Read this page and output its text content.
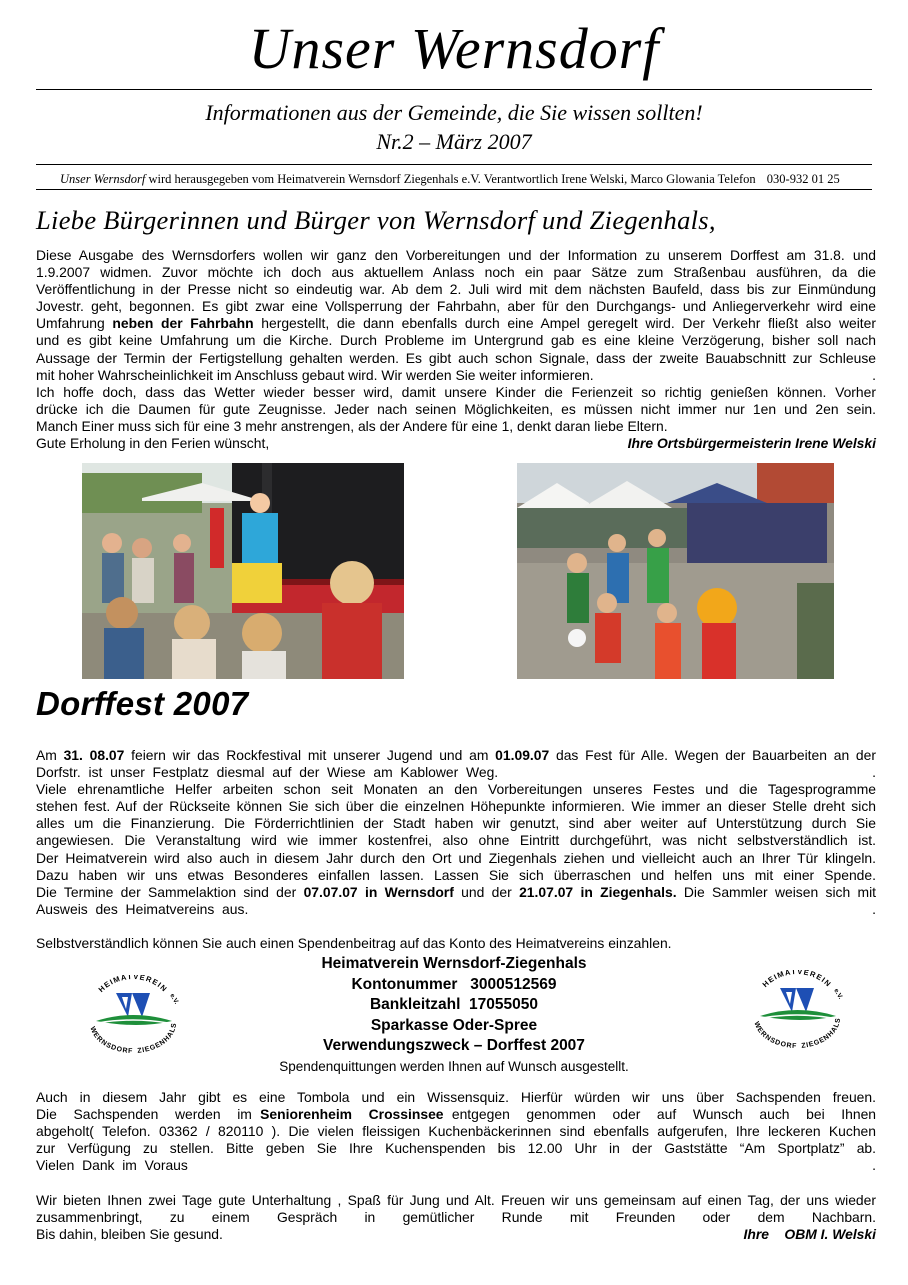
Unser Wernsdorf
Informationen aus der Gemeinde, die Sie wissen sollten!
Nr.2 – März 2007
Unser Wernsdorf wird herausgegeben vom Heimatverein Wernsdorf Ziegenhals e.V. Verantwortlich Irene Welski, Marco Glowania Telefon 030-932 01 25
Liebe Bürgerinnen und Bürger von Wernsdorf und Ziegenhals,
Diese Ausgabe des Wernsdorfers wollen wir ganz den Vorbereitungen und der Information zu unserem Dorffest am 31.8. und
1.9.2007 widmen. Zuvor möchte ich doch aus aktuellem Anlass noch ein paar Sätze zum Straßenbau ausführen, da die
Veröffentlichung in der Presse nicht so eindeutig war. Ab dem 2. Juli wird mit dem nächsten Baufeld, dass bis zur Einmündung
Jovestr. geht, begonnen. Es gibt zwar eine Vollsperrung der Fahrbahn, aber für den Durchgangs- und Anliegerverkehr wird eine
Umfahrung neben der Fahrbahn hergestellt, die dann ebenfalls durch eine Ampel geregelt wird. Der Verkehr fließt also weiter
und es gibt keine Umfahrung um die Kirche. Durch Probleme im Untergrund gab es eine kleine Verzögerung, bisher soll nach
Aussage der Termin der Fertigstellung gehalten werden. Es gibt auch schon Signale, dass der zweite Bauabschnitt zur Schleuse
mit hoher Wahrscheinlichkeit im Anschluss gebaut wird. Wir werden Sie weiter informieren.	.
Ich hoffe doch, dass das Wetter wieder besser wird, damit unsere Kinder die Ferienzeit so richtig genießen können. Vorher
drücke ich die Daumen für gute Zeugnisse. Jeder nach seinen Möglichkeiten, es müssen nicht immer nur 1en und 2en sein.
Manch Einer muss sich für eine 3 mehr anstrengen, als der Andere für eine 1, denkt daran liebe Eltern.
Gute Erholung in den Ferien wünscht,	Ihre Ortsbürgermeisterin Irene Welski
Dorffest 2007
Am 31. 08.07 feiern wir das Rockfestival mit unserer Jugend und am 01.09.07 das Fest für Alle. Wegen der Bauarbeiten an der
Dorfstr.  ist  unser  Festplatz  diesmal  auf  der  Wiese  am  Kablower  Weg.	.
Viele ehrenamtliche Helfer arbeiten schon seit Monaten an den Vorbereitungen unseres Festes und die Tagesprogramme
stehen fest. Auf der Rückseite können Sie sich über die einzelnen Höhepunkte informieren. Wie immer an dieser Stelle dreht sich
alles um die Finanzierung. Die Förderrichtlinien der Stadt haben wir genutzt, sind aber weiter auf Unterstützung durch Sie
angewiesen. Die Veranstaltung wird wie immer kostenfrei, also ohne Eintritt durchgeführt, was nicht selbstverständlich ist.
Der Heimatverein wird also auch in diesem Jahr durch den Ort und Ziegenhals ziehen und vielleicht auch an Ihrer Tür klingeln.
Dazu haben wir uns etwas Besonderes einfallen lassen. Lassen Sie sich überraschen und helfen uns mit einer Spende.
Die Termine der Sammelaktion sind der 07.07.07 in Wernsdorf und der 21.07.07 in Ziegenhals. Die Sammler weisen sich mit
Ausweis  des  Heimatvereins  aus.	.
Selbstverständlich können Sie auch einen Spendenbeitrag auf das Konto des Heimatvereins einzahlen.
Heimatverein Wernsdorf-Ziegenhals
Kontonummer   3000512569
Bankleitzahl  17055050
Sparkasse Oder-Spree
Verwendungszweck – Dorffest 2007
Spendenquittungen werden Ihnen auf Wunsch ausgestellt.
HEIMATVEREIN
WERNSDORF ZIEGENHALS
e.V.
HEIMATVEREIN
WERNSDORF ZIEGENHALS
e.V.
Auch in diesem Jahr gibt es eine Tombola und ein Wissensquiz. Hierfür würden wir uns über Sachspenden freuen.
Die  Sachspenden  werden  im Seniorenheim  Crossinsee entgegen  genommen  oder  auf  Wunsch  auch  bei  Ihnen
abgeholt( Telefon. 03362 / 820110 ). Die vielen fleissigen Kuchenbäckerinnen sind ebenfalls aufgerufen, Ihre leckeren Kuchen
zur  Verfügung  zu  stellen.  Bitte  geben  Sie  Ihre  Kuchenspenden  bis  12.00  Uhr  in  der  Gaststätte  “Am  Sportplatz”  ab.
Vielen  Dank  im  Voraus	.
Wir bieten Ihnen zwei Tage gute Unterhaltung , Spaß für Jung und Alt. Freuen wir uns gemeinsam auf einen Tag, der uns wieder
zusammenbringt,  zu  einem  Gespräch  in  gemütlicher  Runde  mit  Freunden  oder  dem  Nachbarn.
Bis dahin, bleiben Sie gesund.	Ihre    OBM I. Welski
